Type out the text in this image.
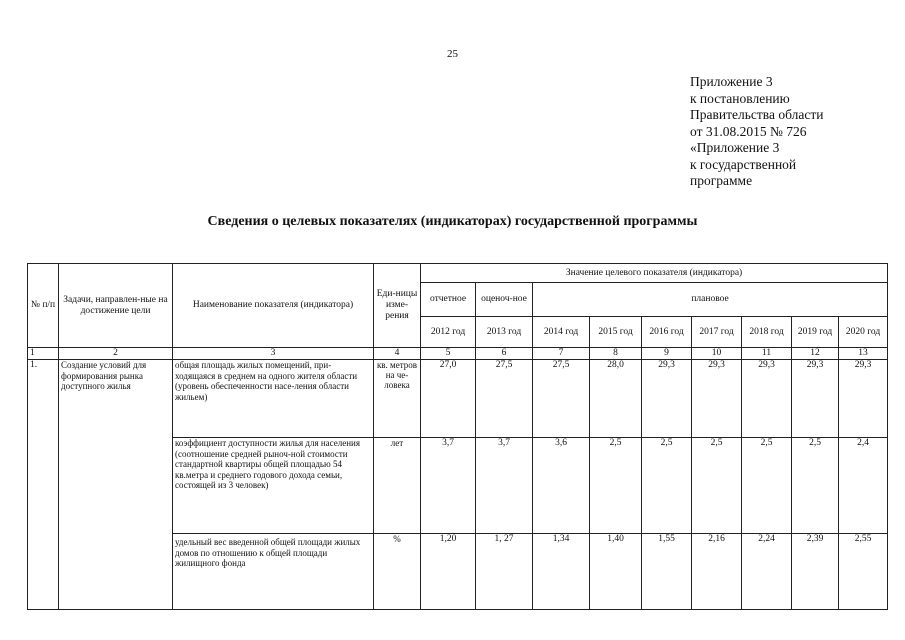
25
Приложение 3
к постановлению
Правительства области
от 31.08.2015 № 726
«Приложение 3
к государственной
программе
Сведения о целевых показателях (индикаторах) государственной программы
№ п/п	Задачи, направлен-ные на достижение цели	Наименование показателя (индикатора)	Еди-ницы изме-рения	Значение целевого показателя (индикатора)								
				отчетное	оценоч-ное	плановое						
				2012 год	2013 год	2014 год	2015 год	2016 год	2017 год	2018 год	2019 год	2020 год
1	2	3	4	5	6	7	8	9	10	11	12	13
1.	Создание условий для формирования рынка доступного жилья	общая площадь жилых помещений, при-ходящаяся в среднем на одного жителя области (уровень обеспеченности насе-ления области жильем)	кв. метров на че-ловека	27,0	27,5	27,5	28,0	29,3	29,3	29,3	29,3	29,3
		коэффициент доступности жилья для населения (соотношение средней рыноч-ной стоимости стандартной квартиры общей площадью 54 кв.метра и среднего годового дохода семьи, состоящей из 3 человек)	лет	3,7	3,7	3,6	2,5	2,5	2,5	2,5	2,5	2,4
		удельный вес введенной общей площади жилых домов по отношению к общей площади жилищного фонда	%	1,20	1, 27	1,34	1,40	1,55	2,16	2,24	2,39	2,55
